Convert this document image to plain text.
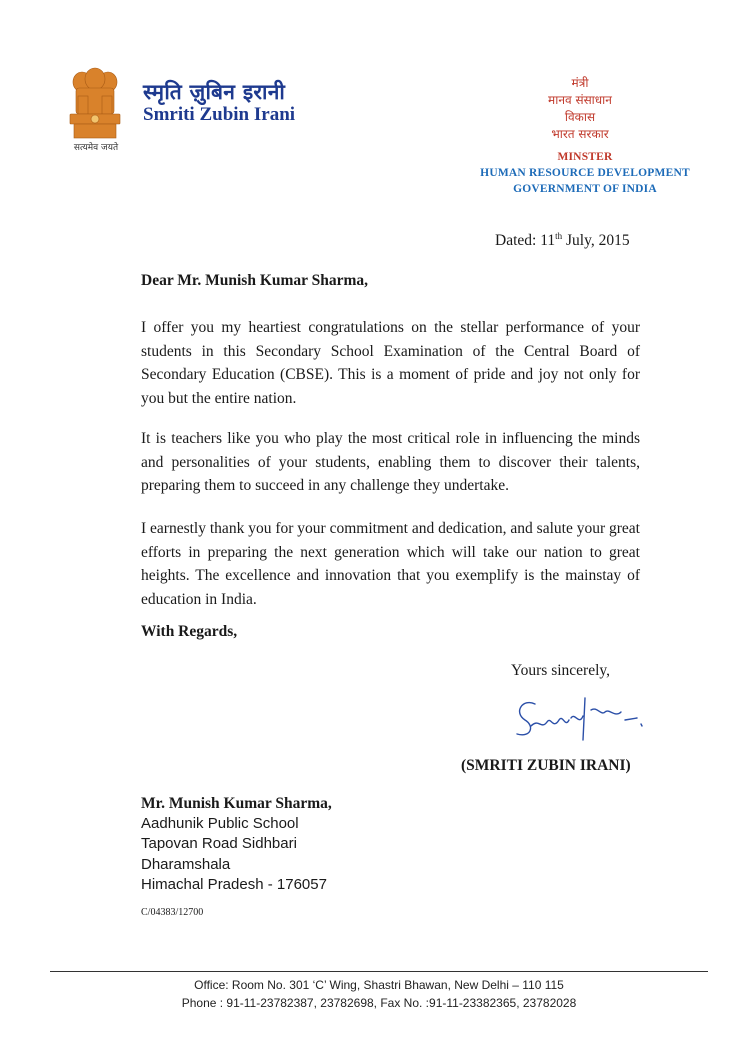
सत्यमेव जयते
स्मृति ज़ुबिन इरानी
Smriti Zubin Irani
मंत्री
मानव संसाधान
विकास
भारत सरकार
MINSTER
HUMAN RESOURCE DEVELOPMENT
GOVERNMENT OF INDIA
Dated: 11th July, 2015
Dear Mr. Munish Kumar Sharma,
I offer you my heartiest congratulations on the stellar performance of your students in this Secondary School Examination of the Central Board of Secondary Education (CBSE). This is a moment of pride and joy not only for you but the entire nation.
It is teachers like you who play the most critical role in influencing the minds and personalities of your students, enabling them to discover their talents, preparing them to succeed in any challenge they undertake.
I earnestly thank you for your commitment and dedication, and salute your great efforts in preparing the next generation which will take our nation to great heights. The excellence and innovation that you exemplify is the mainstay of education in India.
With Regards,
Yours sincerely,
(SMRITI ZUBIN IRANI)
Mr. Munish Kumar Sharma,
Aadhunik Public School
Tapovan Road Sidhbari
Dharamshala
Himachal Pradesh - 176057
C/04383/12700
Office: Room No. 301 ‘C’ Wing, Shastri Bhawan, New Delhi – 110 115
Phone : 91-11-23782387, 23782698, Fax No. :91-11-23382365, 23782028
